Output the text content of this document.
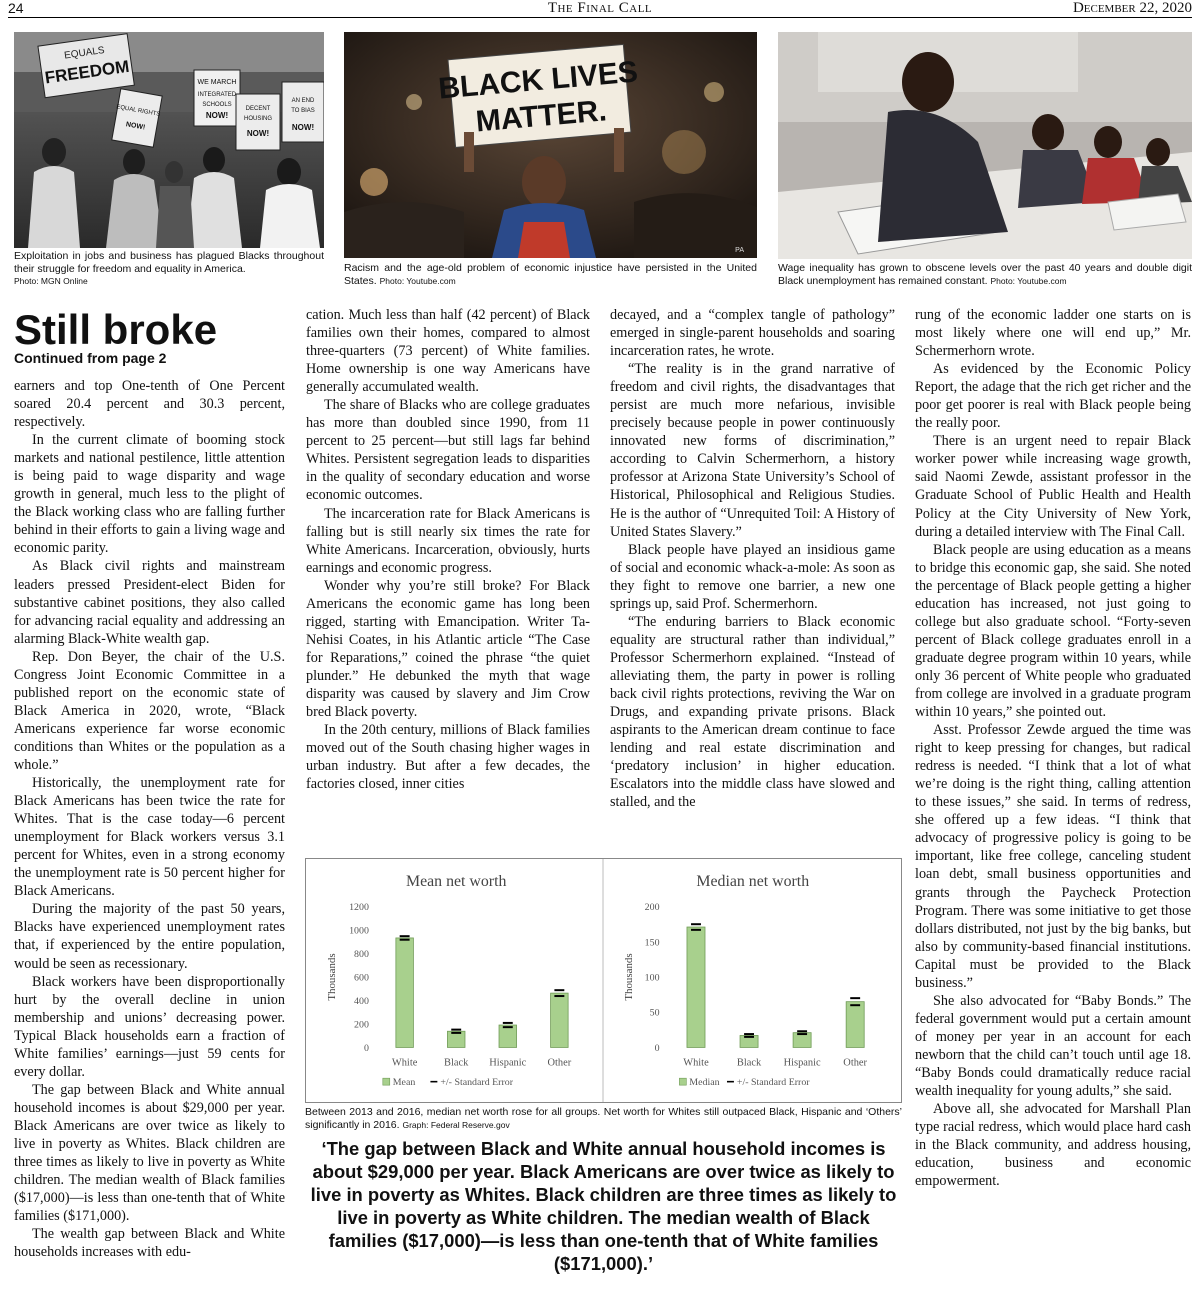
24	The Final Call	December 22, 2020
EQUALS
FREEDOM	WE MARCH
INTEGRATED
SCHOOLS
NOW!
EQUAL RIGHTS
NOW!
DECENT
HOUSING
NOW!
AN END
TO BIAS
NOW!
Exploitation in jobs and business has plagued Blacks throughout their struggle for freedom and equality in America.
Photo: MGN Online
BLACK LIVES
MATTER.
PA
Racism and the age-old problem of economic injustice have persisted in the United States. Photo: Youtube.com
Wage inequality has grown to obscene levels over the past 40 years and double digit Black unemployment has remained constant. Photo: Youtube.com
Still broke
Continued from page 2

earners and top One-tenth of One Percent soared 20.4 percent and 30.3 percent, respectively.

In the current climate of booming stock markets and national pestilence, little attention is being paid to wage disparity and wage growth in general, much less to the plight of the Black working class who are falling further behind in their efforts to gain a living wage and economic parity.

As Black civil rights and mainstream leaders pressed President-elect Biden for substantive cabinet positions, they also called for advancing racial equality and addressing an alarming Black-White wealth gap.

Rep. Don Beyer, the chair of the U.S. Congress Joint Economic Committee in a published report on the economic state of Black America in 2020, wrote, “Black Americans experience far worse economic conditions than Whites or the population as a whole.”

Historically, the unemployment rate for Black Americans has been twice the rate for Whites. That is the case today—6 percent unemployment for Black workers versus 3.1 percent for Whites, even in a strong economy the unemployment rate is 50 percent higher for Black Americans.

During the majority of the past 50 years, Blacks have experienced unemployment rates that, if experienced by the entire population, would be seen as recessionary.

Black workers have been disproportionally hurt by the overall decline in union membership and unions’ decreasing power. Typical Black households earn a fraction of White families’ earnings—just 59 cents for every dollar.

The gap between Black and White annual household incomes is about $29,000 per year. Black Americans are over twice as likely to live in poverty as Whites. Black children are three times as likely to live in poverty as White children. The median wealth of Black families ($17,000)—is less than one-tenth that of White families ($171,000).

The wealth gap between Black and White households increases with edu-

cation. Much less than half (42 percent) of Black families own their homes, compared to almost three-quarters (73 percent) of White families. Home ownership is one way Americans have generally accumulated wealth.

The share of Blacks who are college graduates has more than doubled since 1990, from 11 percent to 25 percent—but still lags far behind Whites. Persistent segregation leads to disparities in the quality of secondary education and worse economic outcomes.

The incarceration rate for Black Americans is falling but is still nearly six times the rate for White Americans. Incarceration, obviously, hurts earnings and economic progress.

Wonder why you’re still broke? For Black Americans the economic game has long been rigged, starting with Emancipation. Writer Ta-Nehisi Coates, in his Atlantic article “The Case for Reparations,” coined the phrase “the quiet plunder.” He debunked the myth that wage disparity was caused by slavery and Jim Crow bred Black poverty.

In the 20th century, millions of Black families moved out of the South chasing higher wages in urban industry. But after a few decades, the factories closed, inner cities

decayed, and a “complex tangle of pathology” emerged in single-parent households and soaring incarceration rates, he wrote.

“The reality is in the grand narrative of freedom and civil rights, the disadvantages that persist are much more nefarious, invisible precisely because people in power continuously innovated new forms of discrimination,” according to Calvin Schermerhorn, a history professor at Arizona State University’s School of Historical, Philosophical and Religious Studies. He is the author of “Unrequited Toil: A History of United States Slavery.”

Black people have played an insidious game of social and economic whack-a-mole: As soon as they fight to remove one barrier, a new one springs up, said Prof. Schermerhorn.

“The enduring barriers to Black economic equality are structural rather than individual,” Professor Schermerhorn explained. “Instead of alleviating them, the party in power is rolling back civil rights protections, reviving the War on Drugs, and expanding private prisons. Black aspirants to the American dream continue to face lending and real estate discrimination and ‘predatory inclusion’ in higher education. Escalators into the middle class have slowed and stalled, and the

rung of the economic ladder one starts on is most likely where one will end up,” Mr. Schermerhorn wrote.

As evidenced by the Economic Policy Report, the adage that the rich get richer and the poor get poorer is real with Black people being the really poor.

There is an urgent need to repair Black worker power while increasing wage growth, said Naomi Zewde, assistant professor in the Graduate School of Public Health and Health Policy at the City University of New York, during a detailed interview with The Final Call.

Black people are using education as a means to bridge this economic gap, she said. She noted the percentage of Black people getting a higher education has increased, not just going to college but also graduate school. “Forty-seven percent of Black college graduates enroll in a graduate degree program within 10 years, while only 36 percent of White people who graduated from college are involved in a graduate program within 10 years,” she pointed out.

Asst. Professor Zewde argued the time was right to keep pressing for changes, but radical redress is needed. “I think that a lot of what we’re doing is the right thing, calling attention to these issues,” she said. In terms of redress, she offered up a few ideas. “I think that advocacy of progressive policy is going to be important, like free college, canceling student loan debt, small business opportunities and grants through the Paycheck Protection Program. There was some initiative to get those dollars distributed, not just by the big banks, but also by community-based financial institutions. Capital must be provided to the Black business.”

She also advocated for “Baby Bonds.” The federal government would put a certain amount of money per year in an account for each newborn that the child can’t touch until age 18. “Baby Bonds could dramatically reduce racial wealth inequality for young adults,” she said.

Above all, she advocated for Marshall Plan type racial redress, which would place hard cash in the Black community, and address housing, education, business and economic empowerment.

Mean net worth
Thousands
0
200
400
600
800
1000
1200
White	Black Hispanic Other
Mean	+/- Standard Error
Median net worth
Thousands
0
50
100
150
200
White	Black Hispanic Other
Median +/- Standard Error
Between 2013 and 2016, median net worth rose for all groups. Net worth for Whites still outpaced Black, Hispanic and ‘Others’ significantly in 2016. Graph: Federal Reserve.gov
‘The gap between Black and White annual household incomes is about $29,000 per year. Black Americans are over twice as likely to live in poverty as Whites. Black children are three times as likely to live in poverty as White children. The median wealth of Black families ($17,000)—is less than one-tenth that of White families ($171,000).’
